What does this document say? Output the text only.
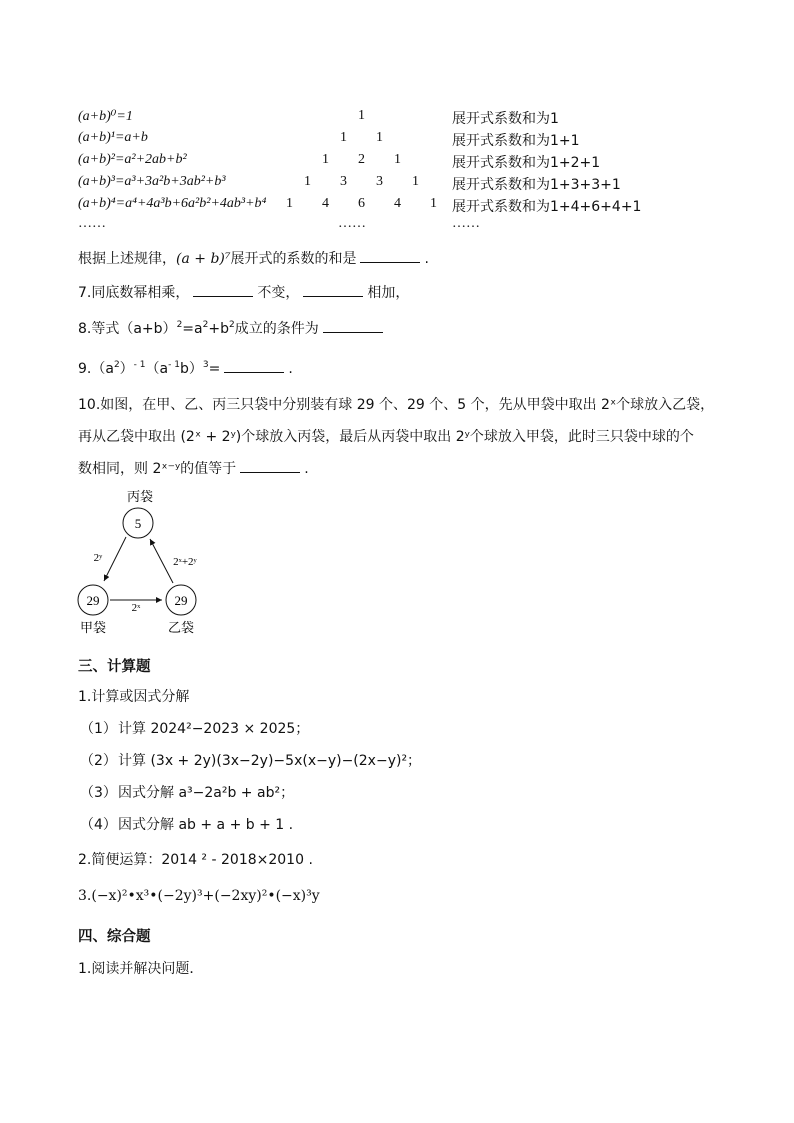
(a+b)⁰=1	1	展开式系数和为1
(a+b)¹=a+b	1 1	展开式系数和为1+1
(a+b)²=a²+2ab+b²	1 2 1	展开式系数和为1+2+1
(a+b)³=a³+3a²b+3ab²+b³	1 3 3 1 展开式系数和为1+3+3+1
(a+b)⁴=a⁴+4a³b+6a²b²+4ab³+b⁴ 1 4 6 4 1 展开式系数和为1+4+6+4+1
……	……	……
根据上述规律，(a + b)⁷展开式的系数的和是	.
7.同底数幂相乘，	不变，	相加，
8.等式$(a+b)^2=a^2+b^2$成立的条件为
$9.(a^2)^{- 1}(a^{- 1}b)^3=$	.
10.如图，在甲、乙、丙三只袋中分别装有球 29 个、29 个、5 个，先从甲袋中取出 2ˣ个球放入乙袋，
再从乙袋中取出 (2ˣ + 2ʸ)个球放入丙袋，最后从丙袋中取出 2ʸ个球放入甲袋，此时三只袋中球的个
数相同，则 2ˣ⁻ʸ的值等于	.
丙袋
5
29
甲袋
29
乙袋
2ʸ	2ˣ+2ʸ
2ˣ
三、计算题
1.计算或因式分解
（1） 计算 2024²−2023 × 2025；
（2） 计算 (3x + 2y)(3x−2y)−5x(x−y)−(2x−y)²；
（3） 因式分解 a³−2a²b + ab²；
（4） 因式分解 ab + a + b + 1 .
2.简便运算：2014 ² - 2018×2010 .
3.(−x)²•x³•(−2y)³+(−2xy)²•(−x)³y
四、综合题
1.阅读并解决问题．
